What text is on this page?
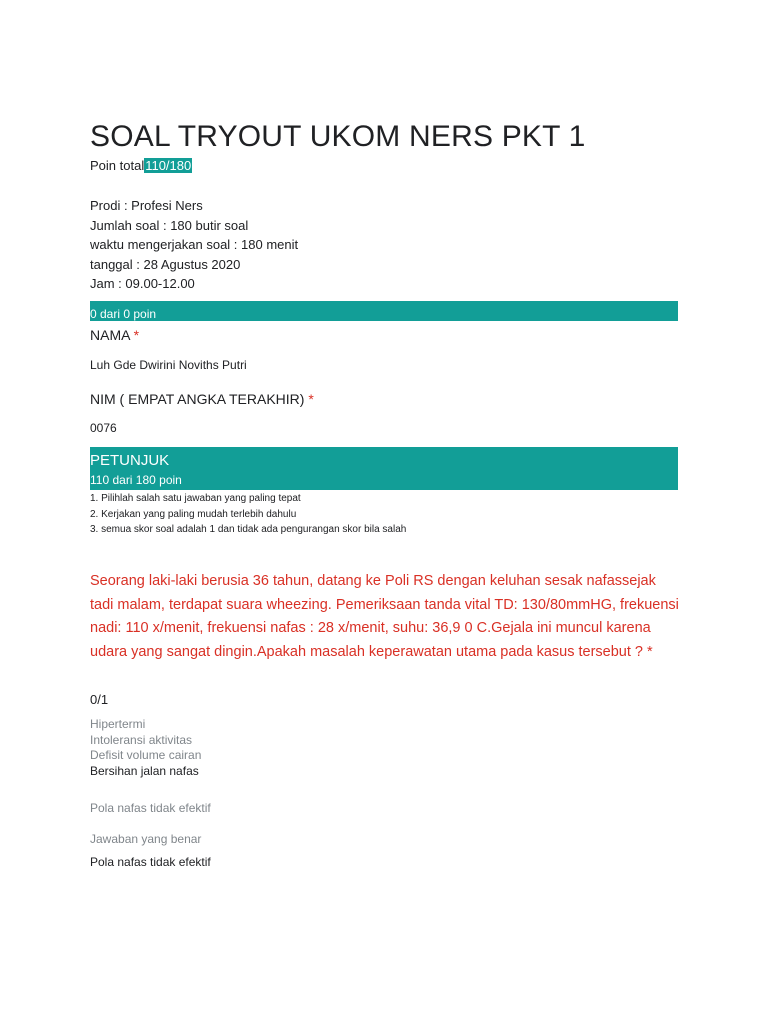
SOAL TRYOUT UKOM NERS PKT 1
Poin total110/180
Prodi : Profesi Ners
Jumlah soal : 180 butir soal
waktu mengerjakan soal : 180 menit
tanggal : 28 Agustus 2020
Jam : 09.00-12.00
0 dari 0 poin
NAMA *
Luh Gde Dwirini Noviths Putri
NIM ( EMPAT ANGKA TERAKHIR) *
0076
PETUNJUK
110 dari 180 poin
1. Pilihlah salah satu jawaban yang paling tepat
2. Kerjakan yang paling mudah terlebih dahulu
3. semua skor soal adalah 1 dan tidak ada pengurangan skor bila salah
Seorang laki-laki berusia 36 tahun, datang ke Poli RS dengan keluhan sesak nafassejak tadi malam, terdapat suara wheezing. Pemeriksaan tanda vital TD: 130/80mmHG, frekuensi nadi: 110 x/menit, frekuensi nafas : 28 x/menit, suhu: 36,9 0 C.Gejala ini muncul karena udara yang sangat dingin.Apakah masalah keperawatan utama pada kasus tersebut ? *
0/1
Hipertermi
Intoleransi aktivitas
Defisit volume cairan
Bersihan jalan nafas
Pola nafas tidak efektif
Jawaban yang benar
Pola nafas tidak efektif
